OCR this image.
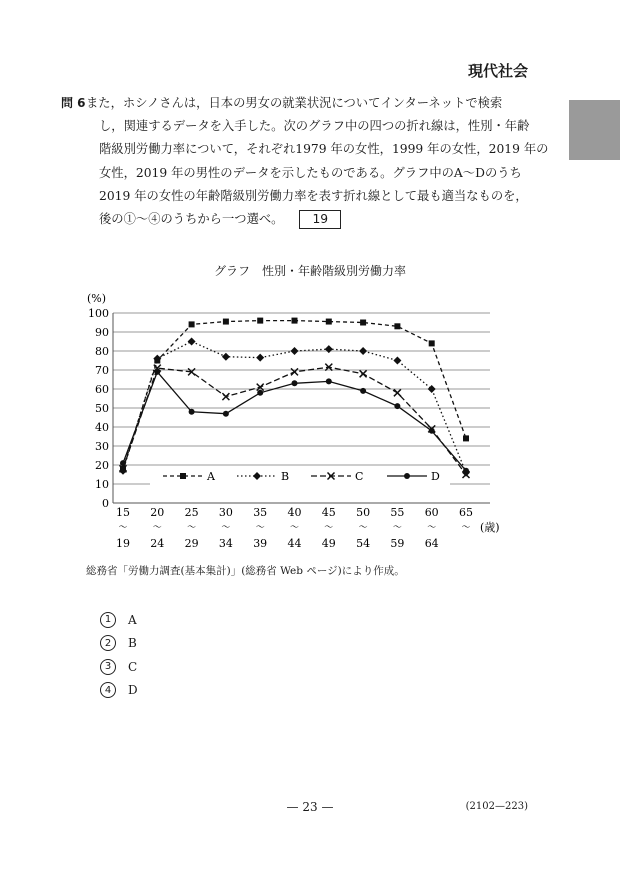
現代社会
問 6 また，ホシノさんは，日本の男女の就業状況についてインターネットで検索
し，関連するデータを入手した。次のグラフ中の四つの折れ線は，性別・年齢
階級別労働力率について，それぞれ1979 年の女性，1999 年の女性，2019 年の
女性，2019 年の男性のデータを示したものである。グラフ中のA〜Dのうち
2019 年の女性の年齢階級別労働力率を表す折れ線として最も適当なものを，
後の①〜④のうちから一つ選べ。 19
グラフ　性別・年齢階級別労働力率
0
10
20
30
40
50
60
70
80
90
100
(%)
15
〜
19
20
〜
24
25
〜
29
30
〜
34
35
〜
39
40
〜
44
45
〜
49
50
〜
54
55
〜
59
60
〜
64
65
〜 (歳)
A	B	C	D
総務省「労働力調査(基本集計)」(総務省 Web ページ)により作成。
1	A
2	B
3	C
4	D
— 23 —	(2102—223)
